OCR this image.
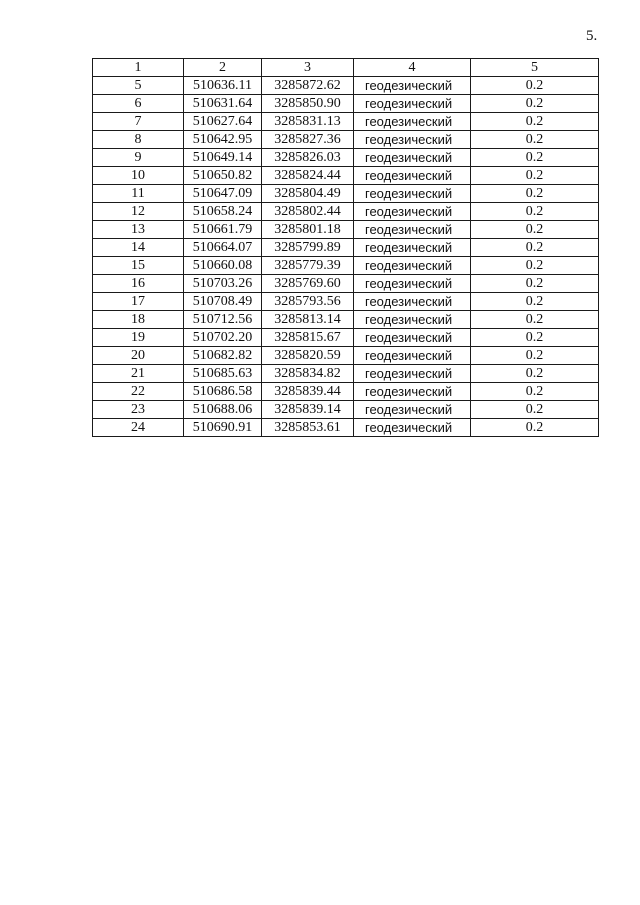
5.
1	2	3	4	5
5	510636.11	3285872.62	геодезический	0.2
6	510631.64	3285850.90	геодезический	0.2
7	510627.64	3285831.13	геодезический	0.2
8	510642.95	3285827.36	геодезический	0.2
9	510649.14	3285826.03	геодезический	0.2
10	510650.82	3285824.44	геодезический	0.2
11	510647.09	3285804.49	геодезический	0.2
12	510658.24	3285802.44	геодезический	0.2
13	510661.79	3285801.18	геодезический	0.2
14	510664.07	3285799.89	геодезический	0.2
15	510660.08	3285779.39	геодезический	0.2
16	510703.26	3285769.60	геодезический	0.2
17	510708.49	3285793.56	геодезический	0.2
18	510712.56	3285813.14	геодезический	0.2
19	510702.20	3285815.67	геодезический	0.2
20	510682.82	3285820.59	геодезический	0.2
21	510685.63	3285834.82	геодезический	0.2
22	510686.58	3285839.44	геодезический	0.2
23	510688.06	3285839.14	геодезический	0.2
24	510690.91	3285853.61	геодезический	0.2
